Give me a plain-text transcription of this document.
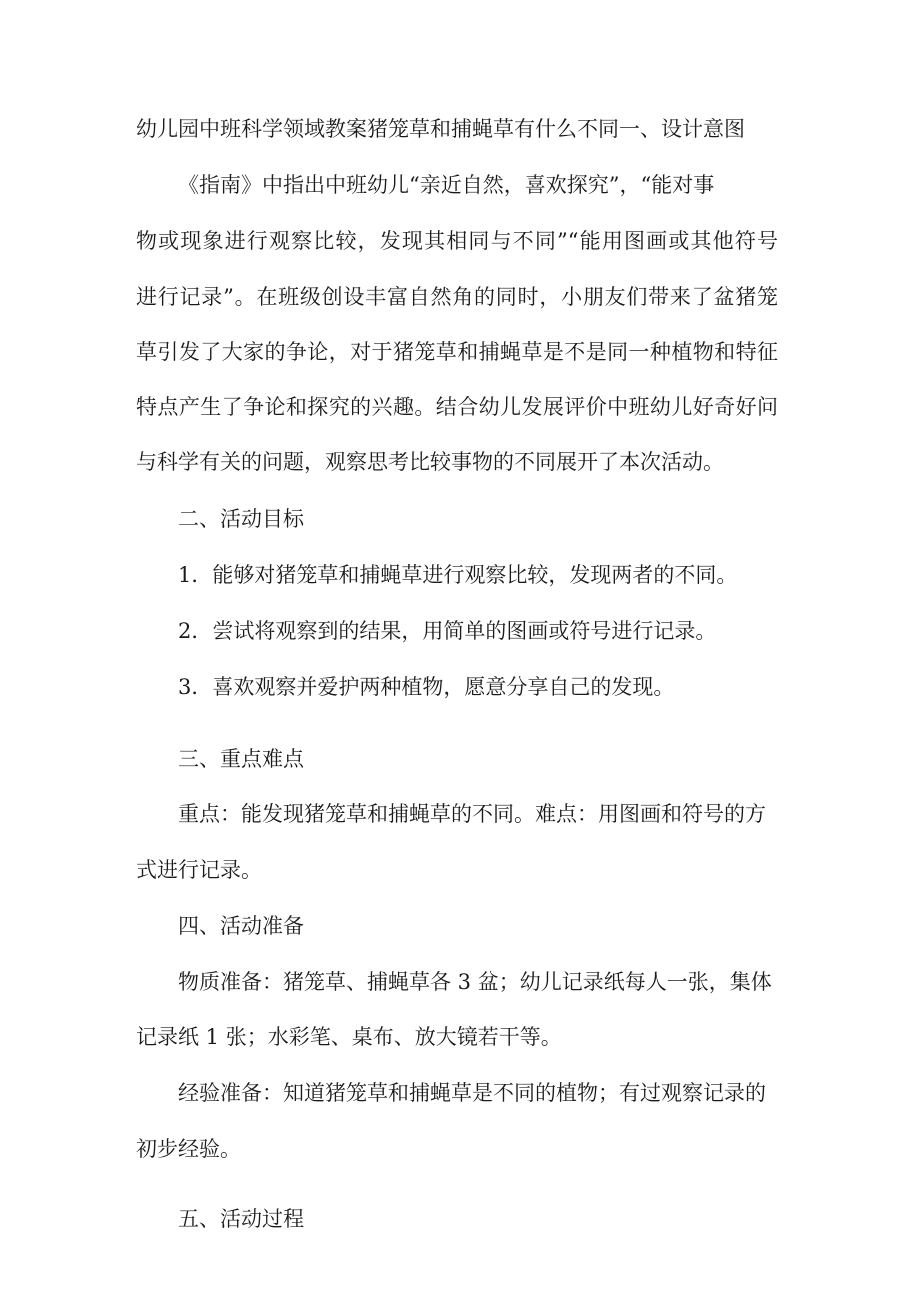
幼儿园中班科学领域教案猪笼草和捕蝇草有什么不同一、设计意图
《指南》中指出中班幼儿“亲近自然，喜欢探究”，“能对事
物或现象进行观察比较，发现其相同与不同”“能用图画或其他符号
进行记录”。在班级创设丰富自然角的同时，小朋友们带来了盆猪笼
草引发了大家的争论，对于猪笼草和捕蝇草是不是同一种植物和特征
特点产生了争论和探究的兴趣。结合幼儿发展评价中班幼儿好奇好问
与科学有关的问题，观察思考比较事物的不同展开了本次活动。
二、活动目标
1．能够对猪笼草和捕蝇草进行观察比较，发现两者的不同。
2．尝试将观察到的结果，用简单的图画或符号进行记录。
3．喜欢观察并爱护两种植物，愿意分享自己的发现。
三、重点难点
重点：能发现猪笼草和捕蝇草的不同。难点：用图画和符号的方
式进行记录。
四、活动准备
物质准备：猪笼草、捕蝇草各 3 盆；幼儿记录纸每人一张，集体
记录纸 1 张；水彩笔、桌布、放大镜若干等。
经验准备：知道猪笼草和捕蝇草是不同的植物；有过观察记录的
初步经验。
五、活动过程
